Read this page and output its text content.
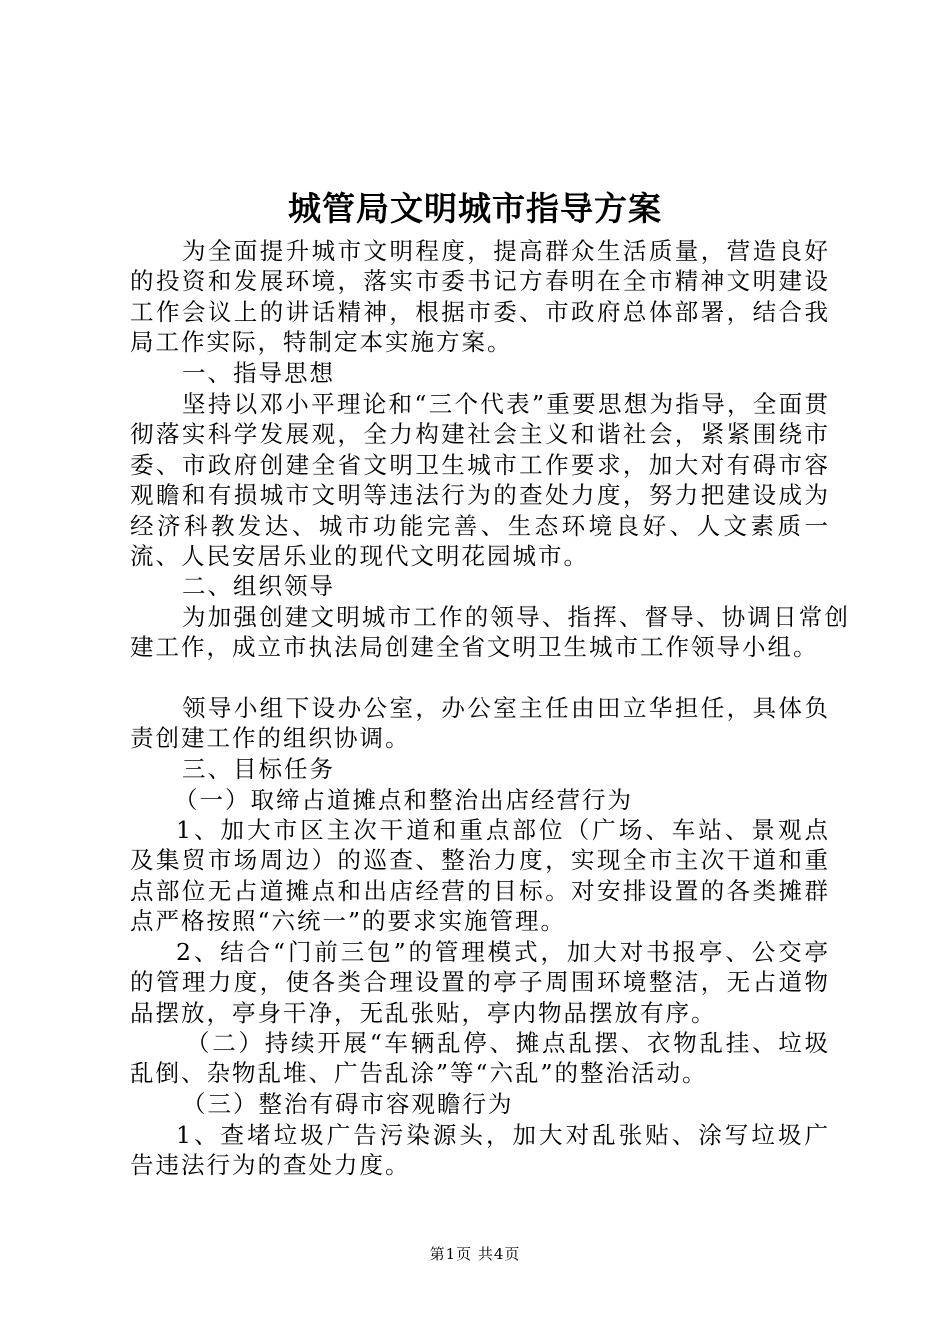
城管局文明城市指导方案
为全面提升城市文明程度，提高群众生活质量，营造良好的投资和发展环境，落实市委书记方春明在全市精神文明建设工作会议上的讲话精神，根据市委、市政府总体部署，结合我局工作实际，特制定本实施方案。
一、指导思想
坚持以邓小平理论和“三个代表”重要思想为指导，全面贯彻落实科学发展观，全力构建社会主义和谐社会，紧紧围绕市委、市政府创建全省文明卫生城市工作要求，加大对有碍市容观瞻和有损城市文明等违法行为的查处力度，努力把建设成为经济科教发达、城市功能完善、生态环境良好、人文素质一流、人民安居乐业的现代文明花园城市。
二、组织领导
为加强创建文明城市工作的领导、指挥、督导、协调日常创建工作，成立市执法局创建全省文明卫生城市工作领导小组。
领导小组下设办公室，办公室主任由田立华担任，具体负责创建工作的组织协调。
三、目标任务
（一）取缔占道摊点和整治出店经营行为
1、加大市区主次干道和重点部位（广场、车站、景观点及集贸市场周边）的巡查、整治力度，实现全市主次干道和重点部位无占道摊点和出店经营的目标。对安排设置的各类摊群点严格按照“六统一”的要求实施管理。
2、结合“门前三包”的管理模式，加大对书报亭、公交亭的管理力度，使各类合理设置的亭子周围环境整洁，无占道物品摆放，亭身干净，无乱张贴，亭内物品摆放有序。
（二）持续开展“车辆乱停、摊点乱摆、衣物乱挂、垃圾乱倒、杂物乱堆、广告乱涂”等“六乱”的整治活动。
（三）整治有碍市容观瞻行为
1、查堵垃圾广告污染源头，加大对乱张贴、涂写垃圾广告违法行为的查处力度。
第1页 共4页
